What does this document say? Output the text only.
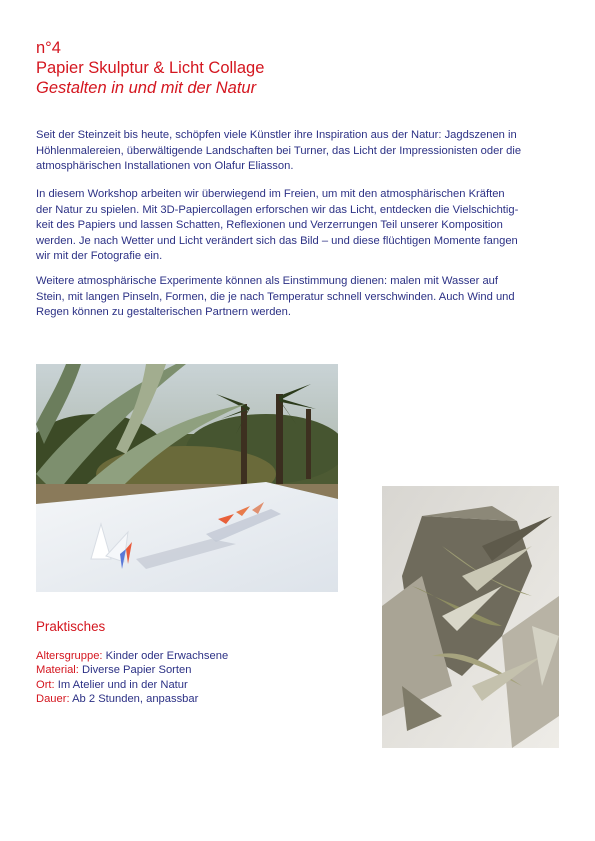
n°4
Papier Skulptur & Licht Collage
Gestalten in und mit der Natur

Seit der Steinzeit bis heute, schöpfen viele Künstler ihre Inspiration aus der Natur: Jagdszenen in
Höhlenmalereien, überwältigende Landschaften bei Turner, das Licht der Impressionisten oder die
atmosphärischen Installationen von Olafur Eliasson.

In diesem Workshop arbeiten wir überwiegend im Freien, um mit den atmosphärischen Kräften
der Natur zu spielen. Mit 3D-Papiercollagen erforschen wir das Licht, entdecken die Vielschichtig-
keit des Papiers und lassen Schatten, Reflexionen und Verzerrungen Teil unserer Komposition
werden. Je nach Wetter und Licht verändert sich das Bild – und diese flüchtigen Momente fangen
wir mit der Fotografie ein.

Weitere atmosphärische Experimente können als Einstimmung dienen: malen mit Wasser auf
Stein, mit langen Pinseln, Formen, die je nach Temperatur schnell verschwinden. Auch Wind und
Regen können zu gestalterischen Partnern werden.

Praktisches
Altersgruppe: Kinder oder Erwachsene
Material: Diverse Papier Sorten
Ort: Im Atelier und in der Natur
Dauer: Ab 2 Stunden, anpassbar
